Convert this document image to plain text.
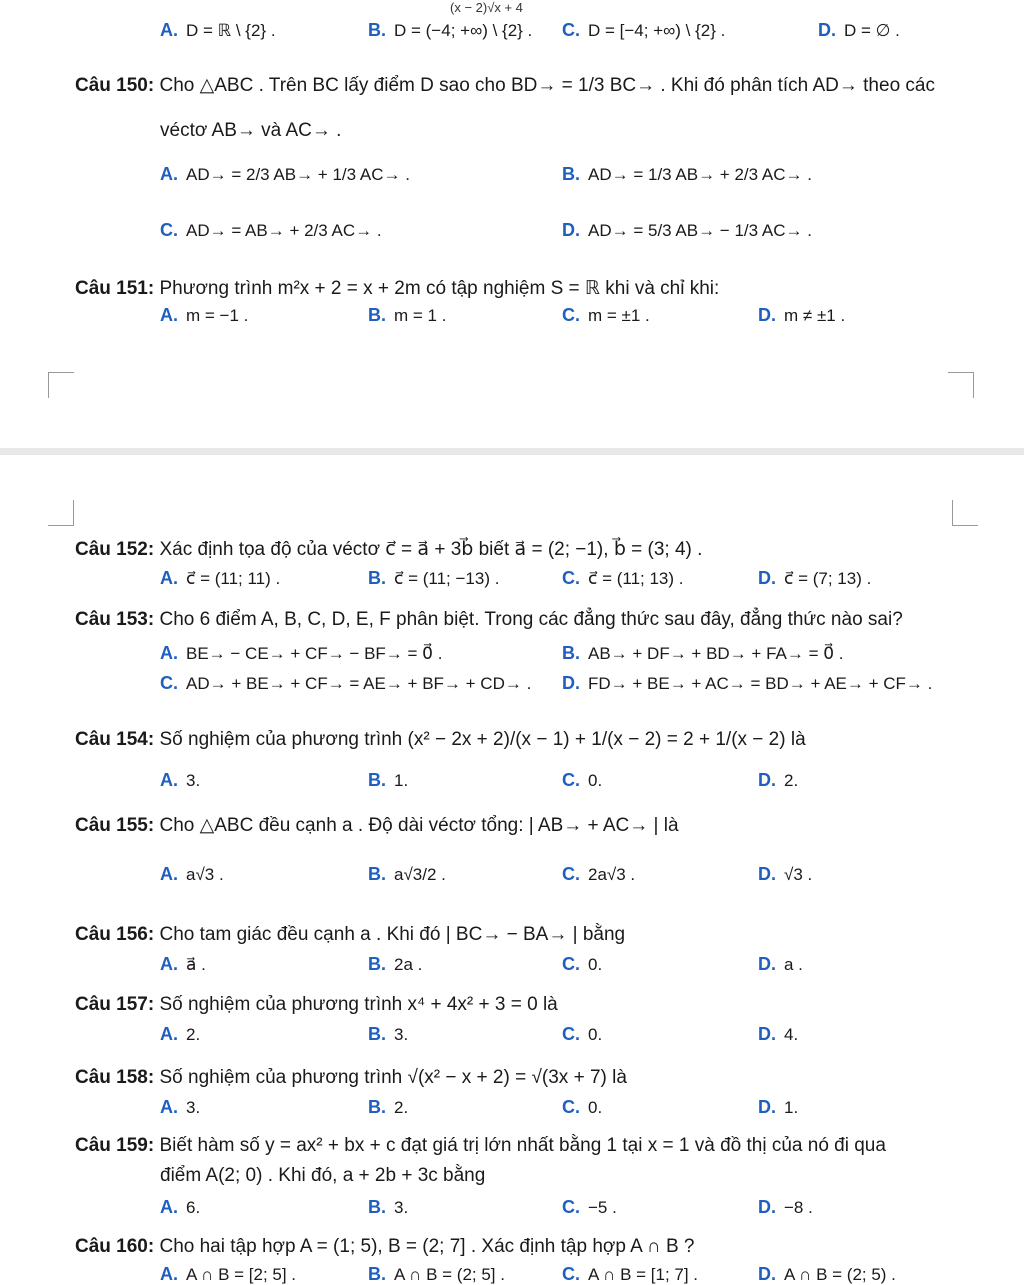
(x − 2)√x + 4
A. D = ℝ \ {2} .	B. D = (−4; +∞) \ {2} . C. D = [−4; +∞) \ {2} .	D. D = ∅ .
Câu 150: Cho △ABC . Trên BC lấy điểm D sao cho BD→ = 1/3 BC→ . Khi đó phân tích AD→ theo các
véctơ AB→ và AC→ .
A. AD→ = 2/3 AB→ + 1/3 AC→ .	B. AD→ = 1/3 AB→ + 2/3 AC→ .
C. AD→ = AB→ + 2/3 AC→ .	D. AD→ = 5/3 AB→ − 1/3 AC→ .
Câu 151: Phương trình m²x + 2 = x + 2m có tập nghiệm S = ℝ khi và chỉ khi:
A. m = −1 .	B. m = 1 .	C. m = ±1 .	D. m ≠ ±1 .
Câu 152: Xác định tọa độ của véctơ c⃗ = a⃗ + 3b⃗ biết a⃗ = (2; −1), b⃗ = (3; 4) .
A. c⃗ = (11; 11) .	B. c⃗ = (11; −13) .	C. c⃗ = (11; 13) .	D. c⃗ = (7; 13) .
Câu 153: Cho 6 điểm A, B, C, D, E, F phân biệt. Trong các đẳng thức sau đây, đẳng thức nào sai?
A. BE→ − CE→ + CF→ − BF→ = 0⃗ .	B. AB→ + DF→ + BD→ + FA→ = 0⃗ .
C. AD→ + BE→ + CF→ = AE→ + BF→ + CD→ . D. FD→ + BE→ + AC→ = BD→ + AE→ + CF→ .
Câu 154: Số nghiệm của phương trình (x² − 2x + 2)/(x − 1) + 1/(x − 2) = 2 + 1/(x − 2) là
A. 3.	B. 1.	C. 0.	D. 2.
Câu 155: Cho △ABC đều cạnh a . Độ dài véctơ tổng: | AB→ + AC→ | là
A. a√3 .	B. a√3/2 .	C. 2a√3 .	D. √3 .
Câu 156: Cho tam giác đều cạnh a . Khi đó | BC→ − BA→ | bằng
A. a⃗ .	B. 2a .	C. 0.	D. a .
Câu 157: Số nghiệm của phương trình x⁴ + 4x² + 3 = 0 là
A. 2.	B. 3.	C. 0.	D. 4.
Câu 158: Số nghiệm của phương trình √(x² − x + 2) = √(3x + 7) là
A. 3.	B. 2.	C. 0.	D. 1.
Câu 159: Biết hàm số y = ax² + bx + c đạt giá trị lớn nhất bằng 1 tại x = 1 và đồ thị của nó đi qua
điểm A(2; 0) . Khi đó, a + 2b + 3c bằng
A. 6.	B. 3.	C. −5 .	D. −8 .
Câu 160: Cho hai tập hợp A = (1; 5), B = (2; 7] . Xác định tập hợp A ∩ B ?
A. A ∩ B = [2; 5] .	B. A ∩ B = (2; 5] .	C. A ∩ B = [1; 7] .	D. A ∩ B = (2; 5) .
